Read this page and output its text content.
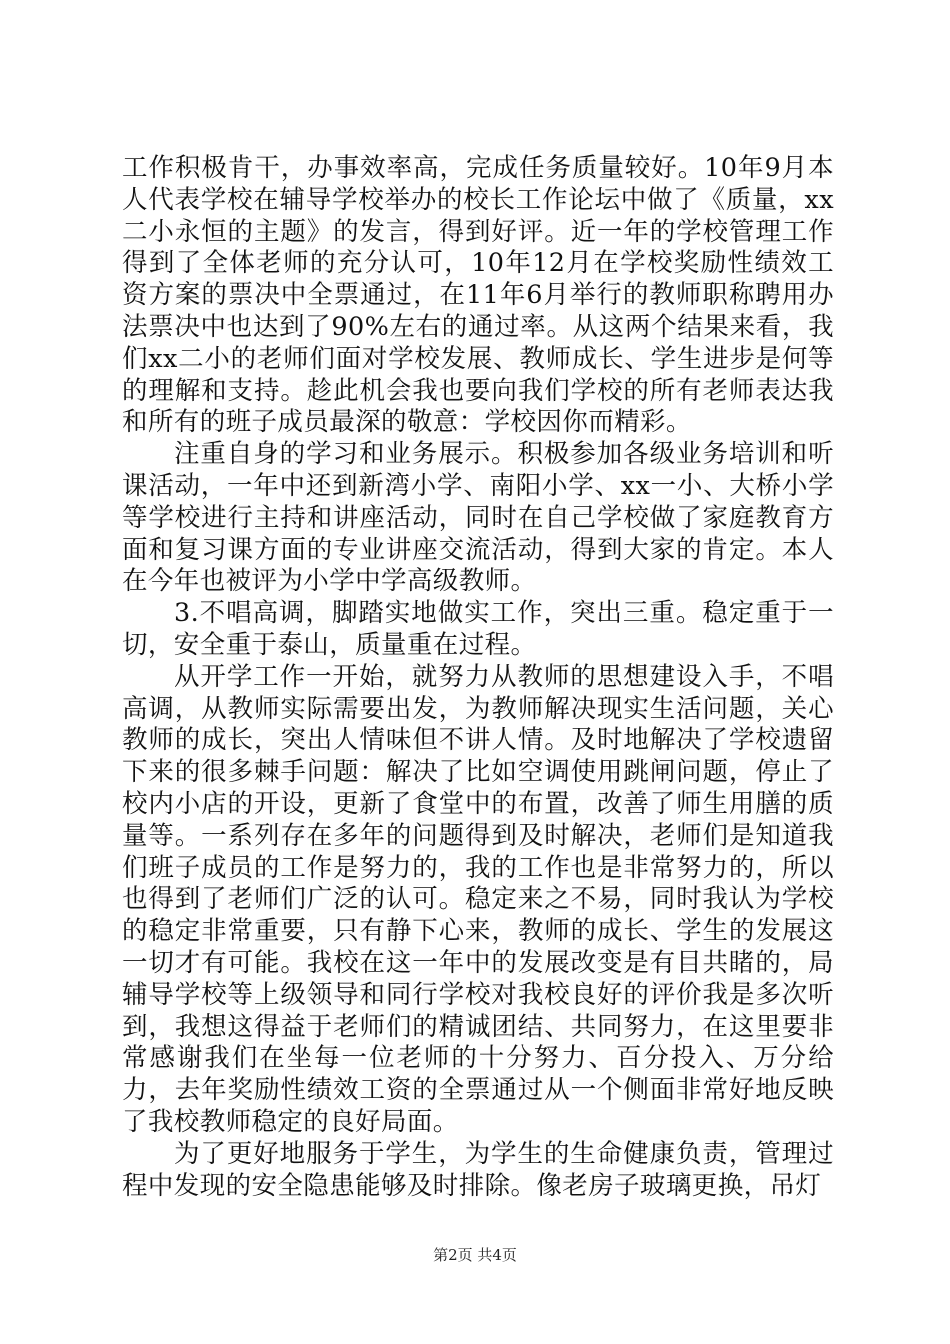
工作积极肯干，办事效率高，完成任务质量较好。10年9月本人代表学校在辅导学校举办的校长工作论坛中做了《质量，xx二小永恒的主题》的发言，得到好评。近一年的学校管理工作得到了全体老师的充分认可，10年12月在学校奖励性绩效工资方案的票决中全票通过，在11年6月举行的教师职称聘用办法票决中也达到了90%左右的通过率。从这两个结果来看，我们xx二小的老师们面对学校发展、教师成长、学生进步是何等的理解和支持。趁此机会我也要向我们学校的所有老师表达我和所有的班子成员最深的敬意：学校因你而精彩。

注重自身的学习和业务展示。积极参加各级业务培训和听课活动，一年中还到新湾小学、南阳小学、xx一小、大桥小学等学校进行主持和讲座活动，同时在自己学校做了家庭教育方面和复习课方面的专业讲座交流活动，得到大家的肯定。本人在今年也被评为小学中学高级教师。

3.不唱高调，脚踏实地做实工作，突出三重。稳定重于一切，安全重于泰山，质量重在过程。

从开学工作一开始，就努力从教师的思想建设入手，不唱高调，从教师实际需要出发，为教师解决现实生活问题，关心教师的成长，突出人情味但不讲人情。及时地解决了学校遗留下来的很多棘手问题：解决了比如空调使用跳闸问题，停止了校内小店的开设，更新了食堂中的布置，改善了师生用膳的质量等。一系列存在多年的问题得到及时解决，老师们是知道我们班子成员的工作是努力的，我的工作也是非常努力的，所以也得到了老师们广泛的认可。稳定来之不易，同时我认为学校的稳定非常重要，只有静下心来，教师的成长、学生的发展这一切才有可能。我校在这一年中的发展改变是有目共睹的，局辅导学校等上级领导和同行学校对我校良好的评价我是多次听到，我想这得益于老师们的精诚团结、共同努力，在这里要非常感谢我们在坐每一位老师的十分努力、百分投入、万分给力，去年奖励性绩效工资的全票通过从一个侧面非常好地反映了我校教师稳定的良好局面。

为了更好地服务于学生，为学生的生命健康负责，管理过程中发现的安全隐患能够及时排除。像老房子玻璃更换，吊灯

第2页 共4页
